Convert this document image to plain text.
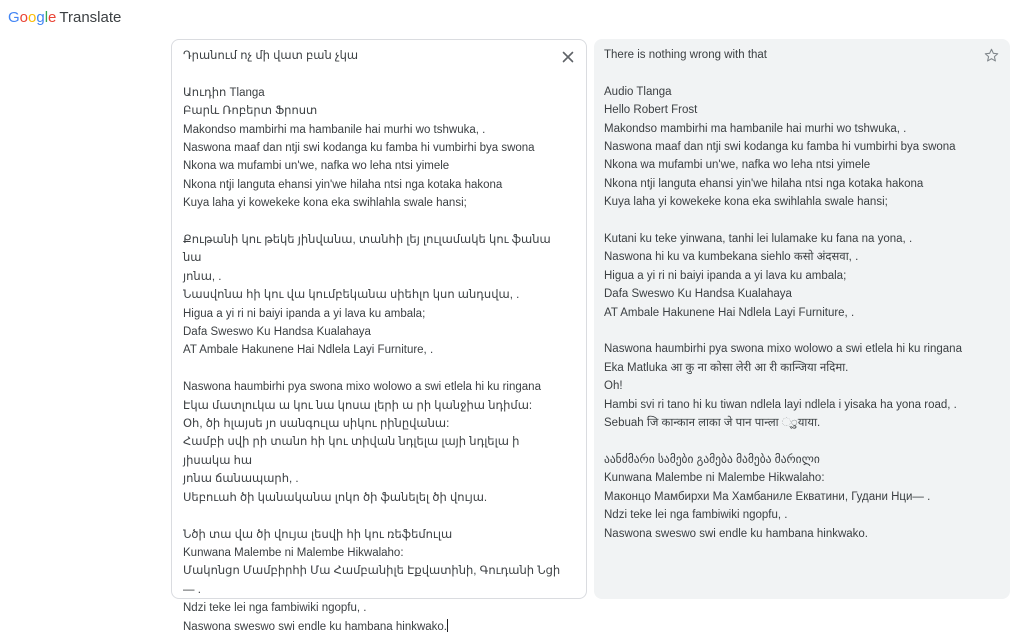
Google Translate
Դրանում ոչ մի վատ բան չկա
Աուդիո Tlanga
Բարև Ռոբերտ Ֆրոստ
Makondso mambirhi ma hambanile hai murhi wo tshwuka, .
Naswona maaf dan ntji swi kodanga ku famba hi vumbirhi bya swona
Nkona wa mufambi un'we, nafka wo leha ntsi yimele
Nkona ntji languta ehansi yin'we hilaha ntsi nga kotaka hakona
Kuya laha yi kowekeke kona eka swihlahla swale hansi;
Քութանի կու թեկե յինվանա, տանհի լեյ լուլամակե կու ֆանա նա
յոնա, .
Նասվոնա հի կու վա կումբեկանա սիեհլո կսո անդսվա, .
Higua a yi ri ni baiyi ipanda a yi lava ku ambala;
Dafa Sweswo Ku Handsa Kualahaya
AT Ambale Hakunene Hai Ndlela Layi Furniture, .
Naswona haumbirhi pya swona mixo wolowo a swi etlela hi ku ringana
Էկա մատլուկա ա կու նա կոսա լերի ա րի կանջիա նդիմա:
Օհ, ծի հլայսե յո սանգուլա սիկու րինըվանա:
Համբի սվի րի տանո հի կու տիվան նդլելա լայի նդլելա ի յիսակա հա
յոնա ճանապարհ, .
Սեբուահ ծի կանականա լոկո ծի ֆանելել ծի վույա.
Նծի տա վա ծի վույա լեսվի հի կու ռեֆեմուլա
Kunwana Malembe ni Malembe Hikwalaho:
Մակոնցո Մամբիրհի Մա Համբանիլե Էքվատինի, Գուդանի Նցի— .
Ndzi teke lei nga fambiwiki ngopfu, .
Naswona sweswo swi endle ku hambana hinkwako.
There is nothing wrong with that
Audio Tlanga
Hello Robert Frost
Makondso mambirhi ma hambanile hai murhi wo tshwuka, .
Naswona maaf dan ntji swi kodanga ku famba hi vumbirhi bya swona
Nkona wa mufambi un'we, nafka wo leha ntsi yimele
Nkona ntji languta ehansi yin'we hilaha ntsi nga kotaka hakona
Kuya laha yi kowekeke kona eka swihlahla swale hansi;
Kutani ku teke yinwana, tanhi lei lulamake ku fana na yona, .
Naswona hi ku va kumbekana siehlo कसो अंदसवा, .
Higua a yi ri ni baiyi ipanda a yi lava ku ambala;
Dafa Sweswo Ku Handsa Kualahaya
AT Ambale Hakunene Hai Ndlela Layi Furniture, .
Naswona haumbirhi pya swona mixo wolowo a swi etlela hi ku ringana
Eka Matluka आ कु ना कोसा लेरी आ री कान्जिया नदिमा.
Oh!
Hambi svi ri tano hi ku tiwan ndlela layi ndlela i yisaka ha yona road, .
Sebuah जि कान्कान लाका जे पान पान्ला ୍ुयाया.
აანძმარი სამები გამება მამება მარილი
Kunwana Malembe ni Malembe Hikwalaho:
Маконцо Мамбирхи Ма Хамбаниле Екватини, Гудани Нци— .
Ndzi teke lei nga fambiwiki ngopfu, .
Naswona sweswo swi endle ku hambana hinkwako.
